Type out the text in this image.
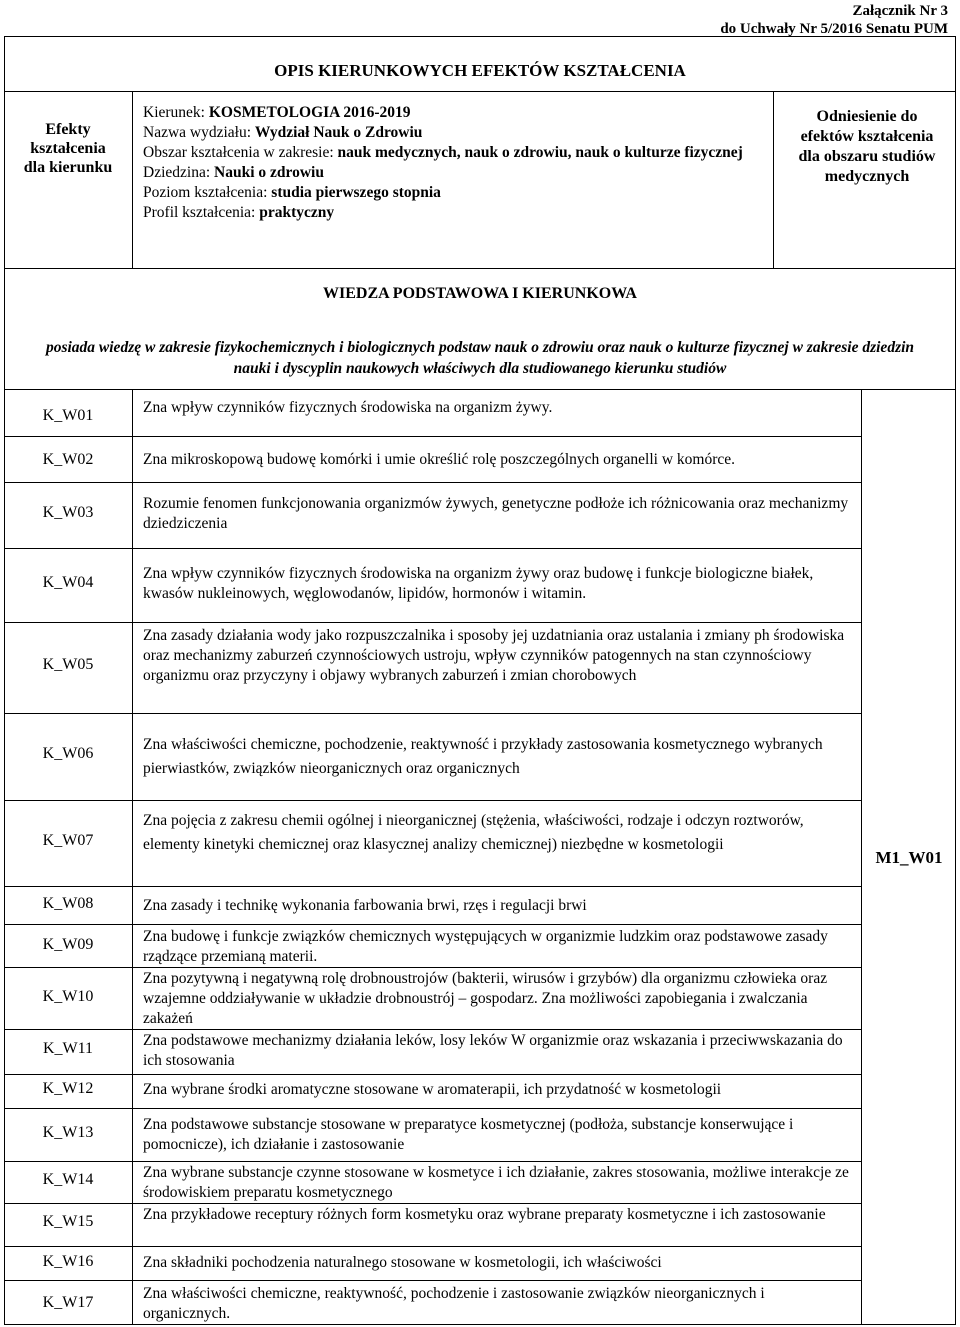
Załącznik Nr 3
do Uchwały Nr 5/2016 Senatu PUM
OPIS KIERUNKOWYCH EFEKTÓW KSZTAŁCENIA
Efekty
kształcenia
dla kierunku
Kierunek: KOSMETOLOGIA 2016-2019
Nazwa wydziału: Wydział Nauk o Zdrowiu
Obszar kształcenia w zakresie: nauk medycznych, nauk o zdrowiu, nauk o kulturze fizycznej
Dziedzina: Nauki o zdrowiu
Poziom kształcenia: studia pierwszego stopnia
Profil kształcenia: praktyczny
Odniesienie do
efektów kształcenia
dla obszaru studiów
medycznych
WIEDZA PODSTAWOWA I KIERUNKOWA
posiada wiedzę w zakresie fizykochemicznych i biologicznych podstaw nauk o zdrowiu oraz nauk o kulturze fizycznej w zakresie dziedzin nauki i dyscyplin naukowych właściwych dla studiowanego kierunku studiów
K_W01
K_W02
K_W03
K_W04
K_W05
K_W06
K_W07
K_W08
K_W09
K_W10
K_W11
K_W12
K_W13
K_W14
K_W15
K_W16
K_W17
Zna wpływ czynników fizycznych środowiska na organizm żywy.
Zna mikroskopową budowę komórki i umie określić rolę poszczególnych organelli w komórce.
Rozumie fenomen funkcjonowania organizmów żywych, genetyczne podłoże ich różnicowania oraz mechanizmy dziedziczenia
Zna wpływ czynników fizycznych środowiska na organizm żywy oraz budowę i funkcje biologiczne białek, kwasów nukleinowych, węglowodanów, lipidów, hormonów i witamin.
Zna zasady działania wody jako rozpuszczalnika i sposoby jej uzdatniania oraz ustalania i zmiany ph środowiska oraz mechanizmy zaburzeń czynnościowych ustroju, wpływ czynników patogennych na stan czynnościowy organizmu oraz przyczyny i objawy wybranych zaburzeń i zmian chorobowych
Zna właściwości chemiczne, pochodzenie, reaktywność i przykłady zastosowania kosmetycznego wybranych pierwiastków, związków nieorganicznych oraz organicznych
Zna pojęcia z zakresu chemii ogólnej i nieorganicznej (stężenia, właściwości, rodzaje i odczyn roztworów, elementy kinetyki chemicznej oraz klasycznej analizy chemicznej) niezbędne w kosmetologii
Zna zasady i technikę wykonania farbowania brwi, rzęs i regulacji brwi
Zna budowę i funkcje związków chemicznych występujących w organizmie ludzkim oraz podstawowe zasady rządzące przemianą materii.
Zna pozytywną i negatywną rolę drobnoustrojów (bakterii, wirusów i grzybów) dla organizmu człowieka oraz wzajemne oddziaływanie w układzie drobnoustrój – gospodarz. Zna możliwości zapobiegania i zwalczania zakażeń
Zna podstawowe mechanizmy działania leków, losy leków W organizmie oraz wskazania i przeciwwskazania do ich stosowania
Zna wybrane środki aromatyczne stosowane w aromaterapii, ich przydatność w kosmetologii
Zna podstawowe substancje stosowane w preparatyce kosmetycznej (podłoża, substancje konserwujące i pomocnicze), ich działanie i zastosowanie
Zna wybrane substancje czynne stosowane w kosmetyce i ich działanie, zakres stosowania, możliwe interakcje ze środowiskiem preparatu kosmetycznego
Zna przykładowe receptury różnych form kosmetyku oraz wybrane preparaty kosmetyczne i ich zastosowanie
Zna składniki pochodzenia naturalnego stosowane w kosmetologii, ich właściwości
Zna właściwości chemiczne, reaktywność, pochodzenie i zastosowanie związków nieorganicznych i organicznych.
M1_W01
